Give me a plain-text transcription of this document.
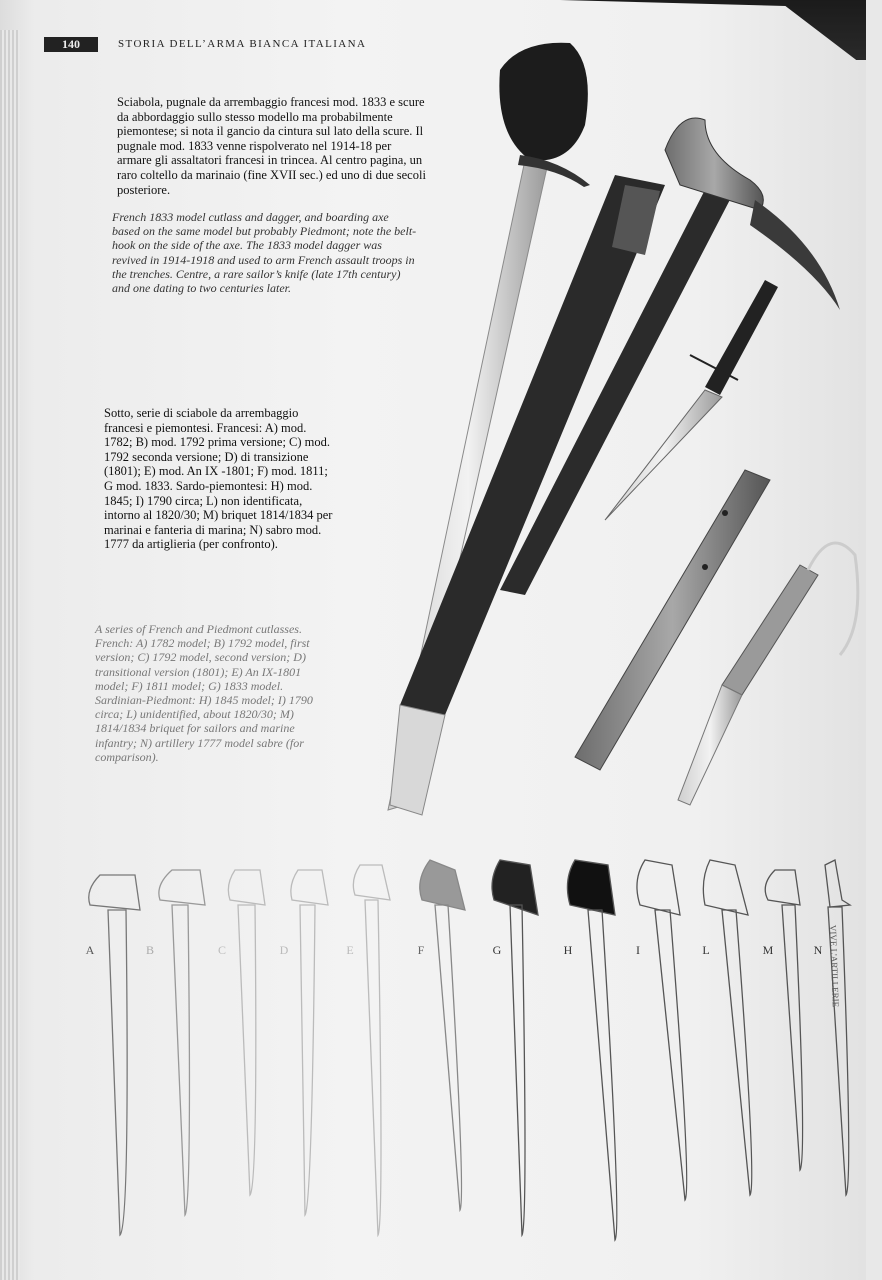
140	STORIA DELL’ARMA BIANCA ITALIANA
Sciabola, pugnale da arrembaggio francesi mod. 1833 e scure da abbordaggio sullo stesso modello ma probabilmente piemontese; si nota il gancio da cintura sul lato della scure. Il pugnale mod. 1833 venne rispolverato nel 1914-18 per armare gli assaltatori francesi in trincea. Al centro pagina, un raro coltello da marinaio (fine XVII sec.) ed uno di due secoli posteriore.
French 1833 model cutlass and dagger, and boarding axe based on the same model but probably Piedmont; note the belt-hook on the side of the axe. The 1833 model dagger was revived in 1914-1918 and used to arm French assault troops in the trenches. Centre, a rare sailor’s knife (late 17th century) and one dating to two centuries later.
Sotto, serie di sciabole da arrembaggio francesi e piemontesi. Francesi: A) mod. 1782; B) mod. 1792 prima versione; C) mod. 1792 seconda versione; D) di transizione (1801); E) mod. An IX -1801; F) mod. 1811; G mod. 1833. Sardo-piemontesi: H) mod. 1845; I) 1790 circa; L) non identificata, intorno al 1820/30; M) briquet 1814/1834 per marinai e fanteria di marina; N) sabro mod. 1777 da artiglieria (per confronto).
A series of French and Piedmont cutlasses. French: A) 1782 model; B) 1792 model, first version; C) 1792 model, second version; D) transitional version (1801); E) An IX-1801 model; F) 1811 model; G) 1833 model. Sardinian-Piedmont: H) 1845 model; I) 1790 circa; L) unidentified, about 1820/30; M) 1814/1834 briquet for sailors and marine infantry; N) artillery 1777 model sabre (for comparison).
VIVE L'ARTILLERIE
A	B	C	D	E	F	G	H	I	L	M	N
